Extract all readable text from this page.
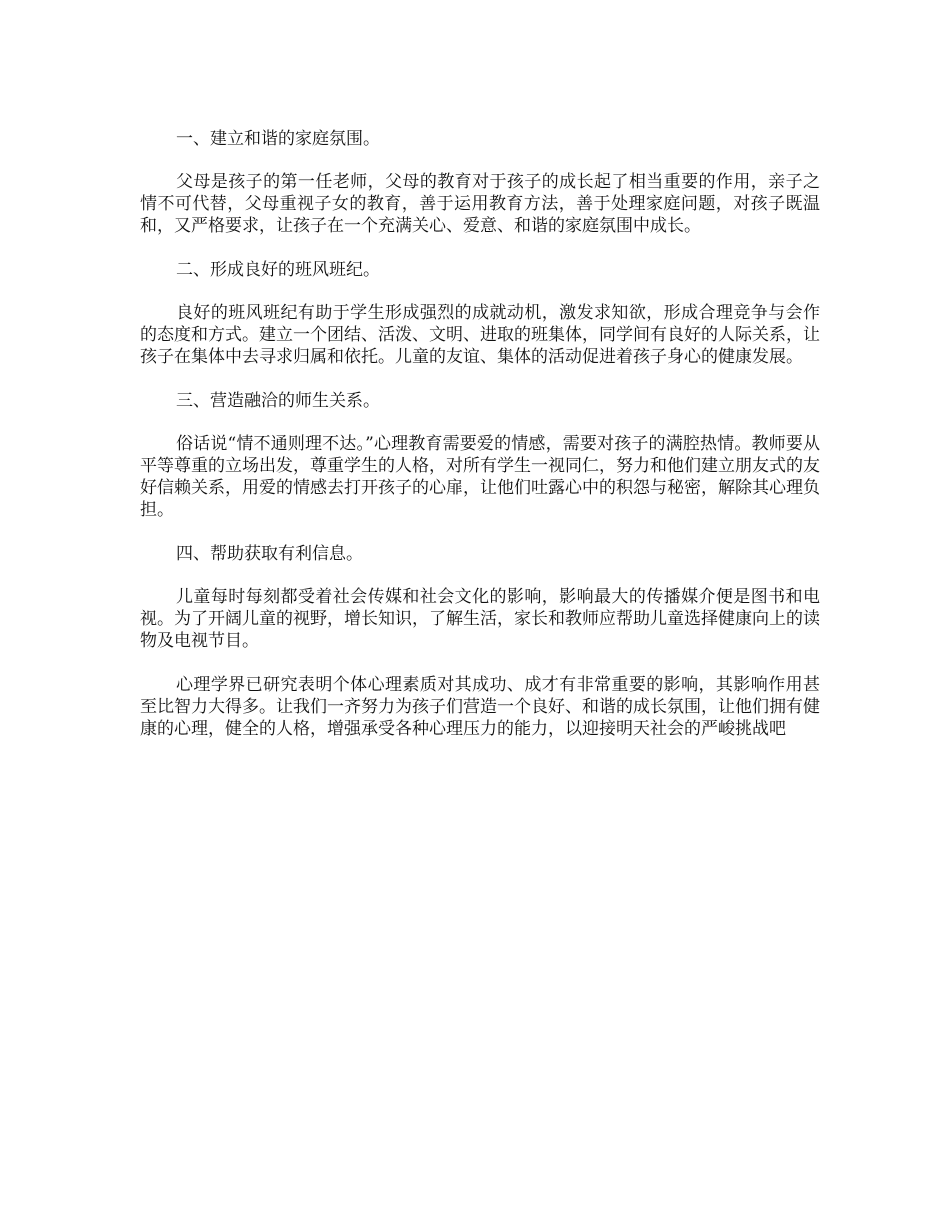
一、建立和谐的家庭氛围。

父母是孩子的第一任老师，父母的教育对于孩子的成长起了相当重要的作用，亲子之情不可代替，父母重视子女的教育，善于运用教育方法，善于处理家庭问题，对孩子既温和，又严格要求，让孩子在一个充满关心、爱意、和谐的家庭氛围中成长。

二、形成良好的班风班纪。

良好的班风班纪有助于学生形成强烈的成就动机，激发求知欲，形成合理竞争与会作的态度和方式。建立一个团结、活泼、文明、进取的班集体，同学间有良好的人际关系，让孩子在集体中去寻求归属和依托。儿童的友谊、集体的活动促进着孩子身心的健康发展。

三、营造融洽的师生关系。

俗话说“情不通则理不达。”心理教育需要爱的情感，需要对孩子的满腔热情。教师要从平等尊重的立场出发，尊重学生的人格，对所有学生一视同仁，努力和他们建立朋友式的友好信赖关系，用爱的情感去打开孩子的心扉，让他们吐露心中的积怨与秘密，解除其心理负担。

四、帮助获取有利信息。

儿童每时每刻都受着社会传媒和社会文化的影响，影响最大的传播媒介便是图书和电视。为了开阔儿童的视野，增长知识，了解生活，家长和教师应帮助儿童选择健康向上的读物及电视节目。

心理学界已研究表明个体心理素质对其成功、成才有非常重要的影响，其影响作用甚至比智力大得多。让我们一齐努力为孩子们营造一个良好、和谐的成长氛围，让他们拥有健康的心理，健全的人格，增强承受各种心理压力的能力，以迎接明天社会的严峻挑战吧
